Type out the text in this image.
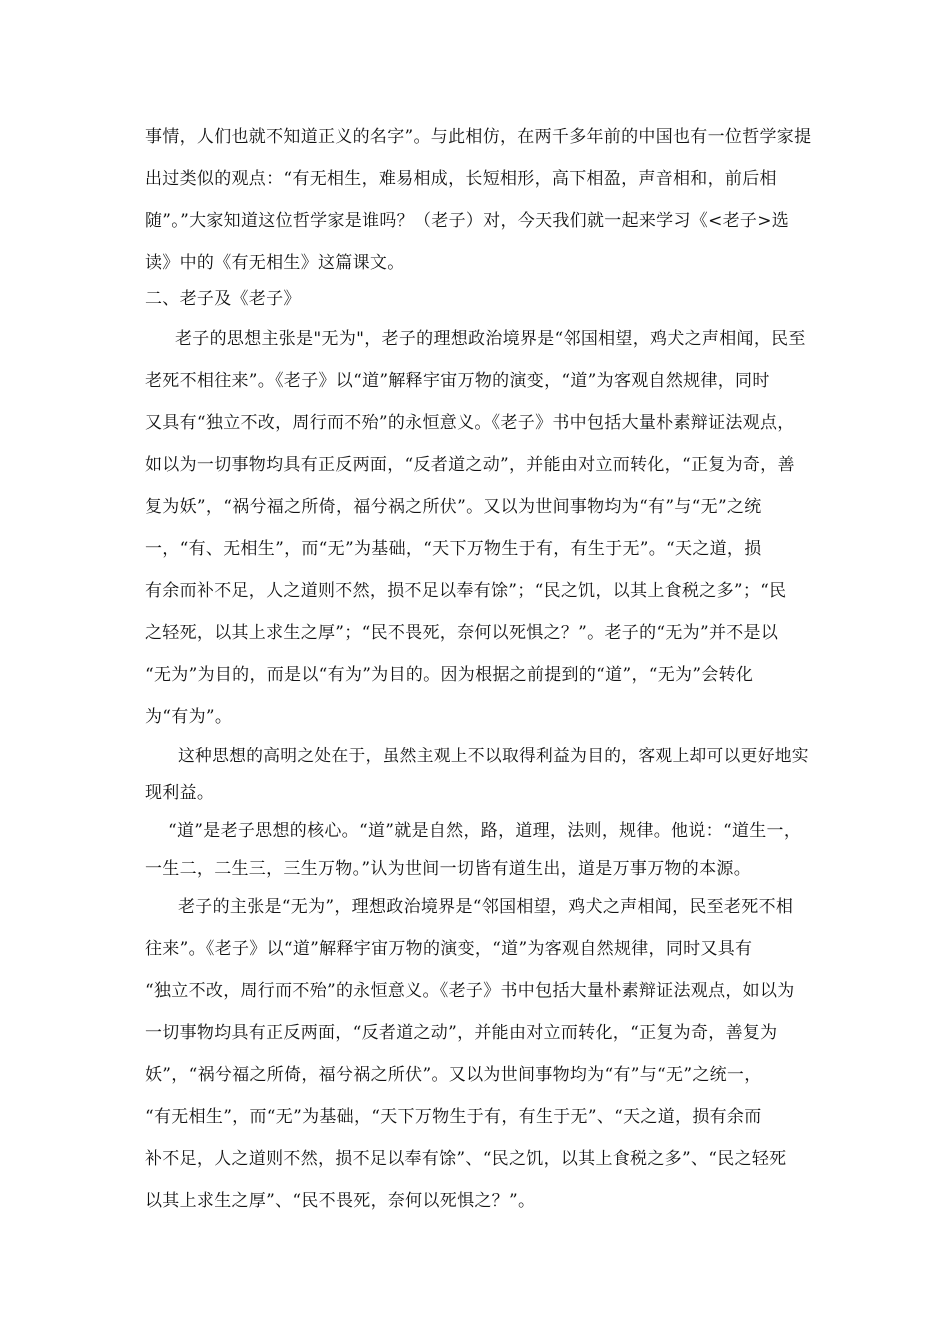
事情，人们也就不知道正义的名字”。与此相仿，在两千多年前的中国也有一位哲学家提
出过类似的观点：“有无相生，难易相成，长短相形，高下相盈，声音相和，前后相
随”。”大家知道这位哲学家是谁吗？（老子）对，今天我们就一起来学习《<老子>选
读》中的《有无相生》这篇课文。
二、老子及《老子》
老子的思想主张是"无为"，老子的理想政治境界是“邻国相望，鸡犬之声相闻，民至
老死不相往来”。《老子》以“道”解释宇宙万物的演变，“道”为客观自然规律，同时
又具有“独立不改，周行而不殆”的永恒意义。《老子》书中包括大量朴素辩证法观点，
如以为一切事物均具有正反两面，“反者道之动”，并能由对立而转化，“正复为奇，善
复为妖”，“祸兮福之所倚，福兮祸之所伏”。又以为世间事物均为“有”与“无”之统
一，“有、无相生”，而“无”为基础，“天下万物生于有，有生于无”。“天之道，损
有余而补不足，人之道则不然，损不足以奉有馀”；“民之饥，以其上食税之多”；“民
之轻死，以其上求生之厚”；“民不畏死，奈何以死惧之？”。老子的“无为”并不是以
“无为”为目的，而是以“有为”为目的。因为根据之前提到的“道”，“无为”会转化
为“有为”。
这种思想的高明之处在于，虽然主观上不以取得利益为目的，客观上却可以更好地实
现利益。
“道”是老子思想的核心。“道”就是自然，路，道理，法则，规律。他说：“道生一，
一生二，二生三，三生万物。”认为世间一切皆有道生出，道是万事万物的本源。
老子的主张是“无为”，理想政治境界是“邻国相望，鸡犬之声相闻，民至老死不相
往来”。《老子》以“道”解释宇宙万物的演变，“道”为客观自然规律，同时又具有
“独立不改，周行而不殆”的永恒意义。《老子》书中包括大量朴素辩证法观点，如以为
一切事物均具有正反两面，“反者道之动”，并能由对立而转化，“正复为奇，善复为
妖”，“祸兮福之所倚，福兮祸之所伏”。又以为世间事物均为“有”与“无”之统一，
“有无相生”，而“无”为基础，“天下万物生于有，有生于无”、“天之道，损有余而
补不足，人之道则不然，损不足以奉有馀”、“民之饥，以其上食税之多”、“民之轻死
以其上求生之厚”、“民不畏死，奈何以死惧之？”。
